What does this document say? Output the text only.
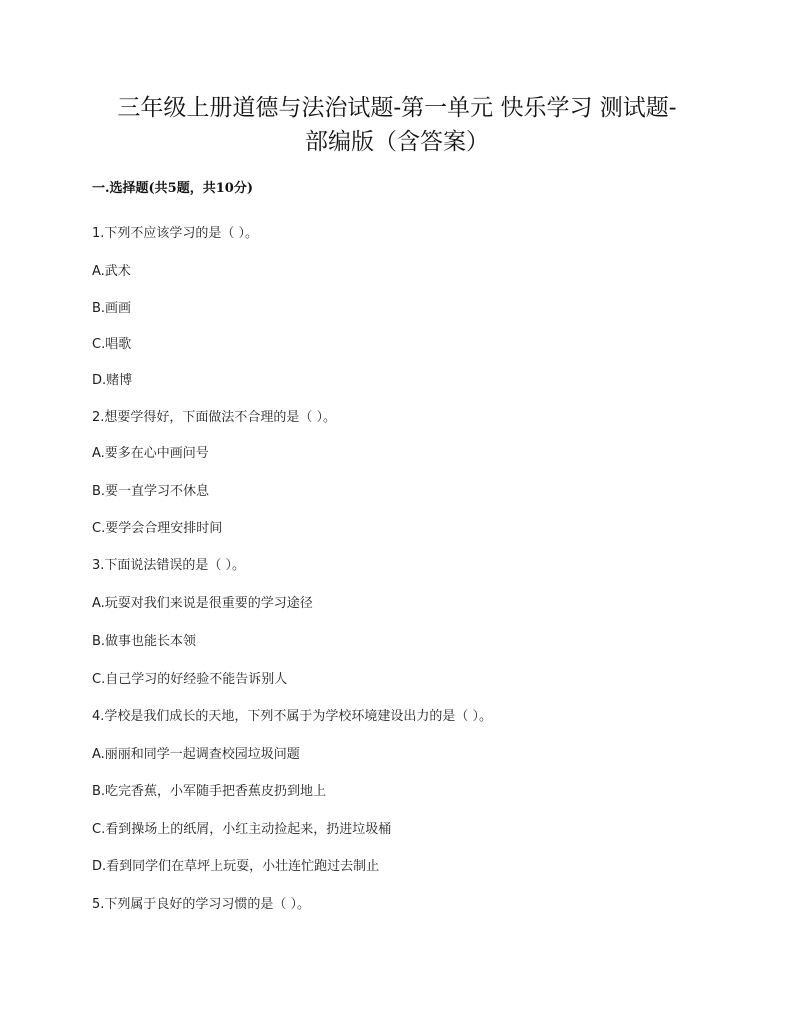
三年级上册道德与法治试题-第一单元 快乐学习 测试题-
部编版（含答案）
一.选择题(共5题，共10分)
1.下列不应该学习的是（ ）。
A.武术
B.画画
C.唱歌
D.赌博
2.想要学得好，下面做法不合理的是（ ）。
A.要多在心中画问号
B.要一直学习不休息
C.要学会合理安排时间
3.下面说法错误的是（ ）。
A.玩耍对我们来说是很重要的学习途径
B.做事也能长本领
C.自己学习的好经验不能告诉别人
4.学校是我们成长的天地，下列不属于为学校环境建设出力的是（ ）。
A.丽丽和同学一起调查校园垃圾问题
B.吃完香蕉，小军随手把香蕉皮扔到地上
C.看到操场上的纸屑，小红主动捡起来，扔进垃圾桶
D.看到同学们在草坪上玩耍，小壮连忙跑过去制止
5.下列属于良好的学习习惯的是（ ）。
